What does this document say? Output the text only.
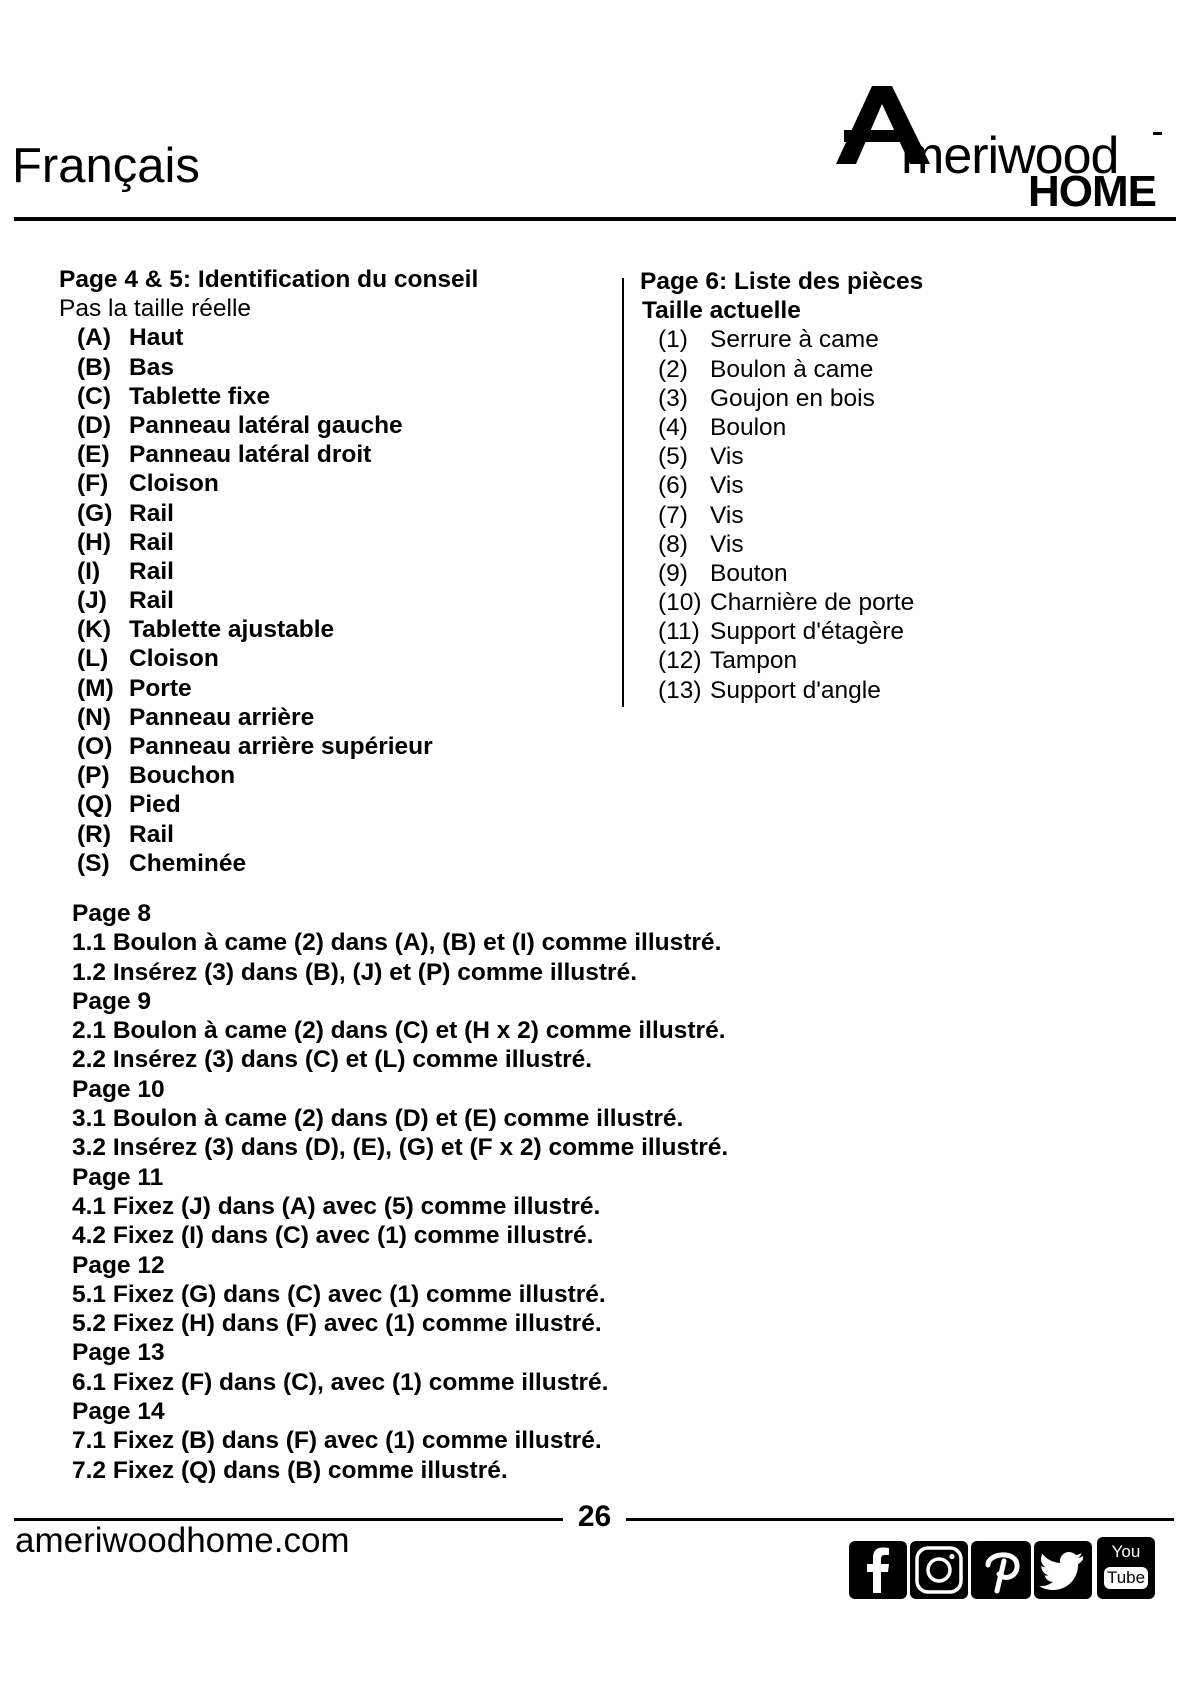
Français	meriwood
HOME
Page 4 & 5: Identification du conseil
Pas la taille réelle
(A) Haut
(B) Bas
(C) Tablette fixe
(D) Panneau latéral gauche
(E) Panneau latéral droit
(F) Cloison
(G) Rail
(H) Rail
(I)	Rail
(J) Rail
(K) Tablette ajustable
(L) Cloison
(M) Porte
(N) Panneau arrière
(O) Panneau arrière supérieur
(P) Bouchon
(Q) Pied
(R) Rail
(S) Cheminée
Page 6: Liste des pièces
Taille actuelle
(1) Serrure à came
(2) Boulon à came
(3) Goujon en bois
(4) Boulon
(5) Vis
(6) Vis
(7) Vis
(8) Vis
(9) Bouton
(10) Charnière de porte
(11) Support d'étagère
(12) Tampon
(13) Support d'angle
Page 8
1.1 Boulon à came (2) dans (A), (B) et (I) comme illustré.
1.2 Insérez (3) dans (B), (J) et (P) comme illustré.
Page 9
2.1 Boulon à came (2) dans (C) et (H x 2) comme illustré.
2.2 Insérez (3) dans (C) et (L) comme illustré.
Page 10
3.1 Boulon à came (2) dans (D) et (E) comme illustré.
3.2 Insérez (3) dans (D), (E), (G) et (F x 2) comme illustré.
Page 11
4.1 Fixez (J) dans (A) avec (5) comme illustré.
4.2 Fixez (I) dans (C) avec (1) comme illustré.
Page 12
5.1 Fixez (G) dans (C) avec (1) comme illustré.
5.2 Fixez (H) dans (F) avec (1) comme illustré.
Page 13
6.1 Fixez (F) dans (C), avec (1) comme illustré.
Page 14
7.1 Fixez (B) dans (F) avec (1) comme illustré.
7.2 Fixez (Q) dans (B) comme illustré.
26
ameriwoodhome.com	You
Tube
